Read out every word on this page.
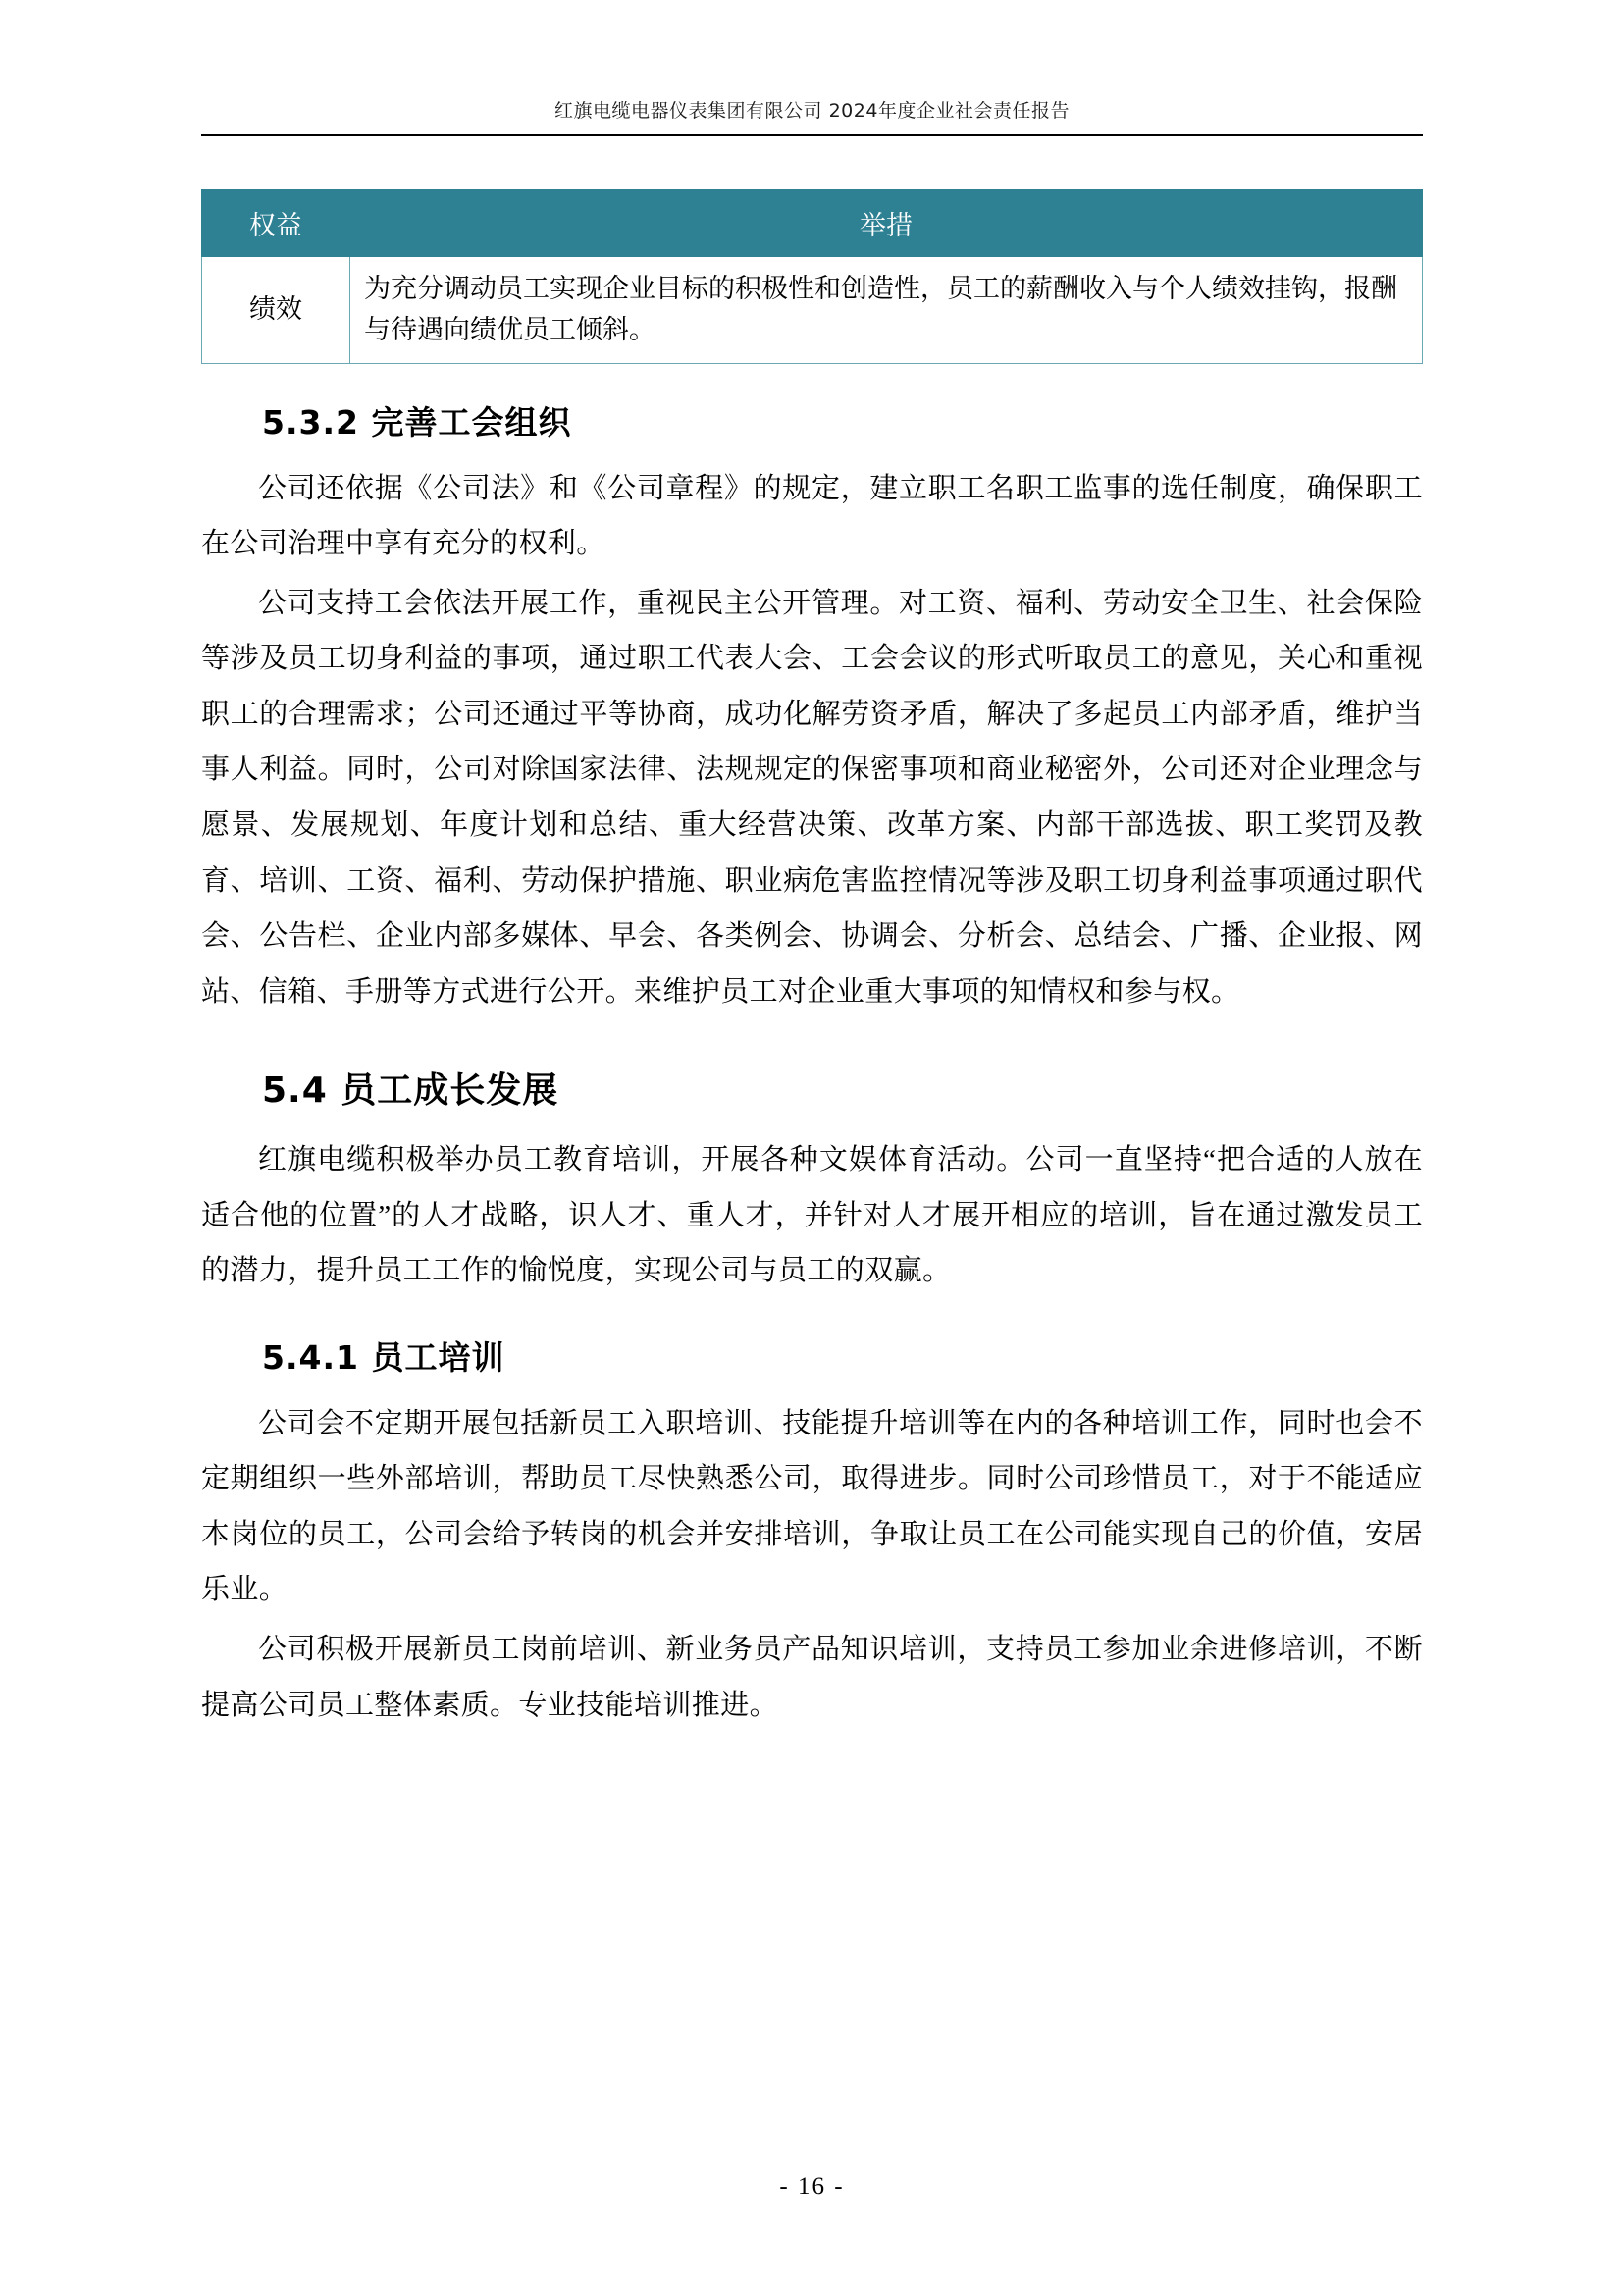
红旗电缆电器仪表集团有限公司 2024年度企业社会责任报告
权益	举措
绩效	为充分调动员工实现企业目标的积极性和创造性，员工的薪酬收入与个人绩效挂钩，报酬与待遇向绩优员工倾斜。
5.3.2 完善工会组织

公司还依据《公司法》和《公司章程》的规定，建立职工名职工监事的选任制度，确保职工在公司治理中享有充分的权利。

公司支持工会依法开展工作，重视民主公开管理。对工资、福利、劳动安全卫生、社会保险等涉及员工切身利益的事项，通过职工代表大会、工会会议的形式听取员工的意见，关心和重视职工的合理需求；公司还通过平等协商，成功化解劳资矛盾，解决了多起员工内部矛盾，维护当事人利益。同时，公司对除国家法律、法规规定的保密事项和商业秘密外，公司还对企业理念与愿景、发展规划、年度计划和总结、重大经营决策、改革方案、内部干部选拔、职工奖罚及教育、培训、工资、福利、劳动保护措施、职业病危害监控情况等涉及职工切身利益事项通过职代会、公告栏、企业内部多媒体、早会、各类例会、协调会、分析会、总结会、广播、企业报、网站、信箱、手册等方式进行公开。来维护员工对企业重大事项的知情权和参与权。

5.4 员工成长发展

红旗电缆积极举办员工教育培训，开展各种文娱体育活动。公司一直坚持“把合适的人放在适合他的位置”的人才战略，识人才、重人才，并针对人才展开相应的培训，旨在通过激发员工的潜力，提升员工工作的愉悦度，实现公司与员工的双赢。

5.4.1 员工培训

公司会不定期开展包括新员工入职培训、技能提升培训等在内的各种培训工作，同时也会不定期组织一些外部培训，帮助员工尽快熟悉公司，取得进步。同时公司珍惜员工，对于不能适应本岗位的员工，公司会给予转岗的机会并安排培训，争取让员工在公司能实现自己的价值，安居乐业。

公司积极开展新员工岗前培训、新业务员产品知识培训，支持员工参加业余进修培训，不断提高公司员工整体素质。专业技能培训推进。

- 16 -
